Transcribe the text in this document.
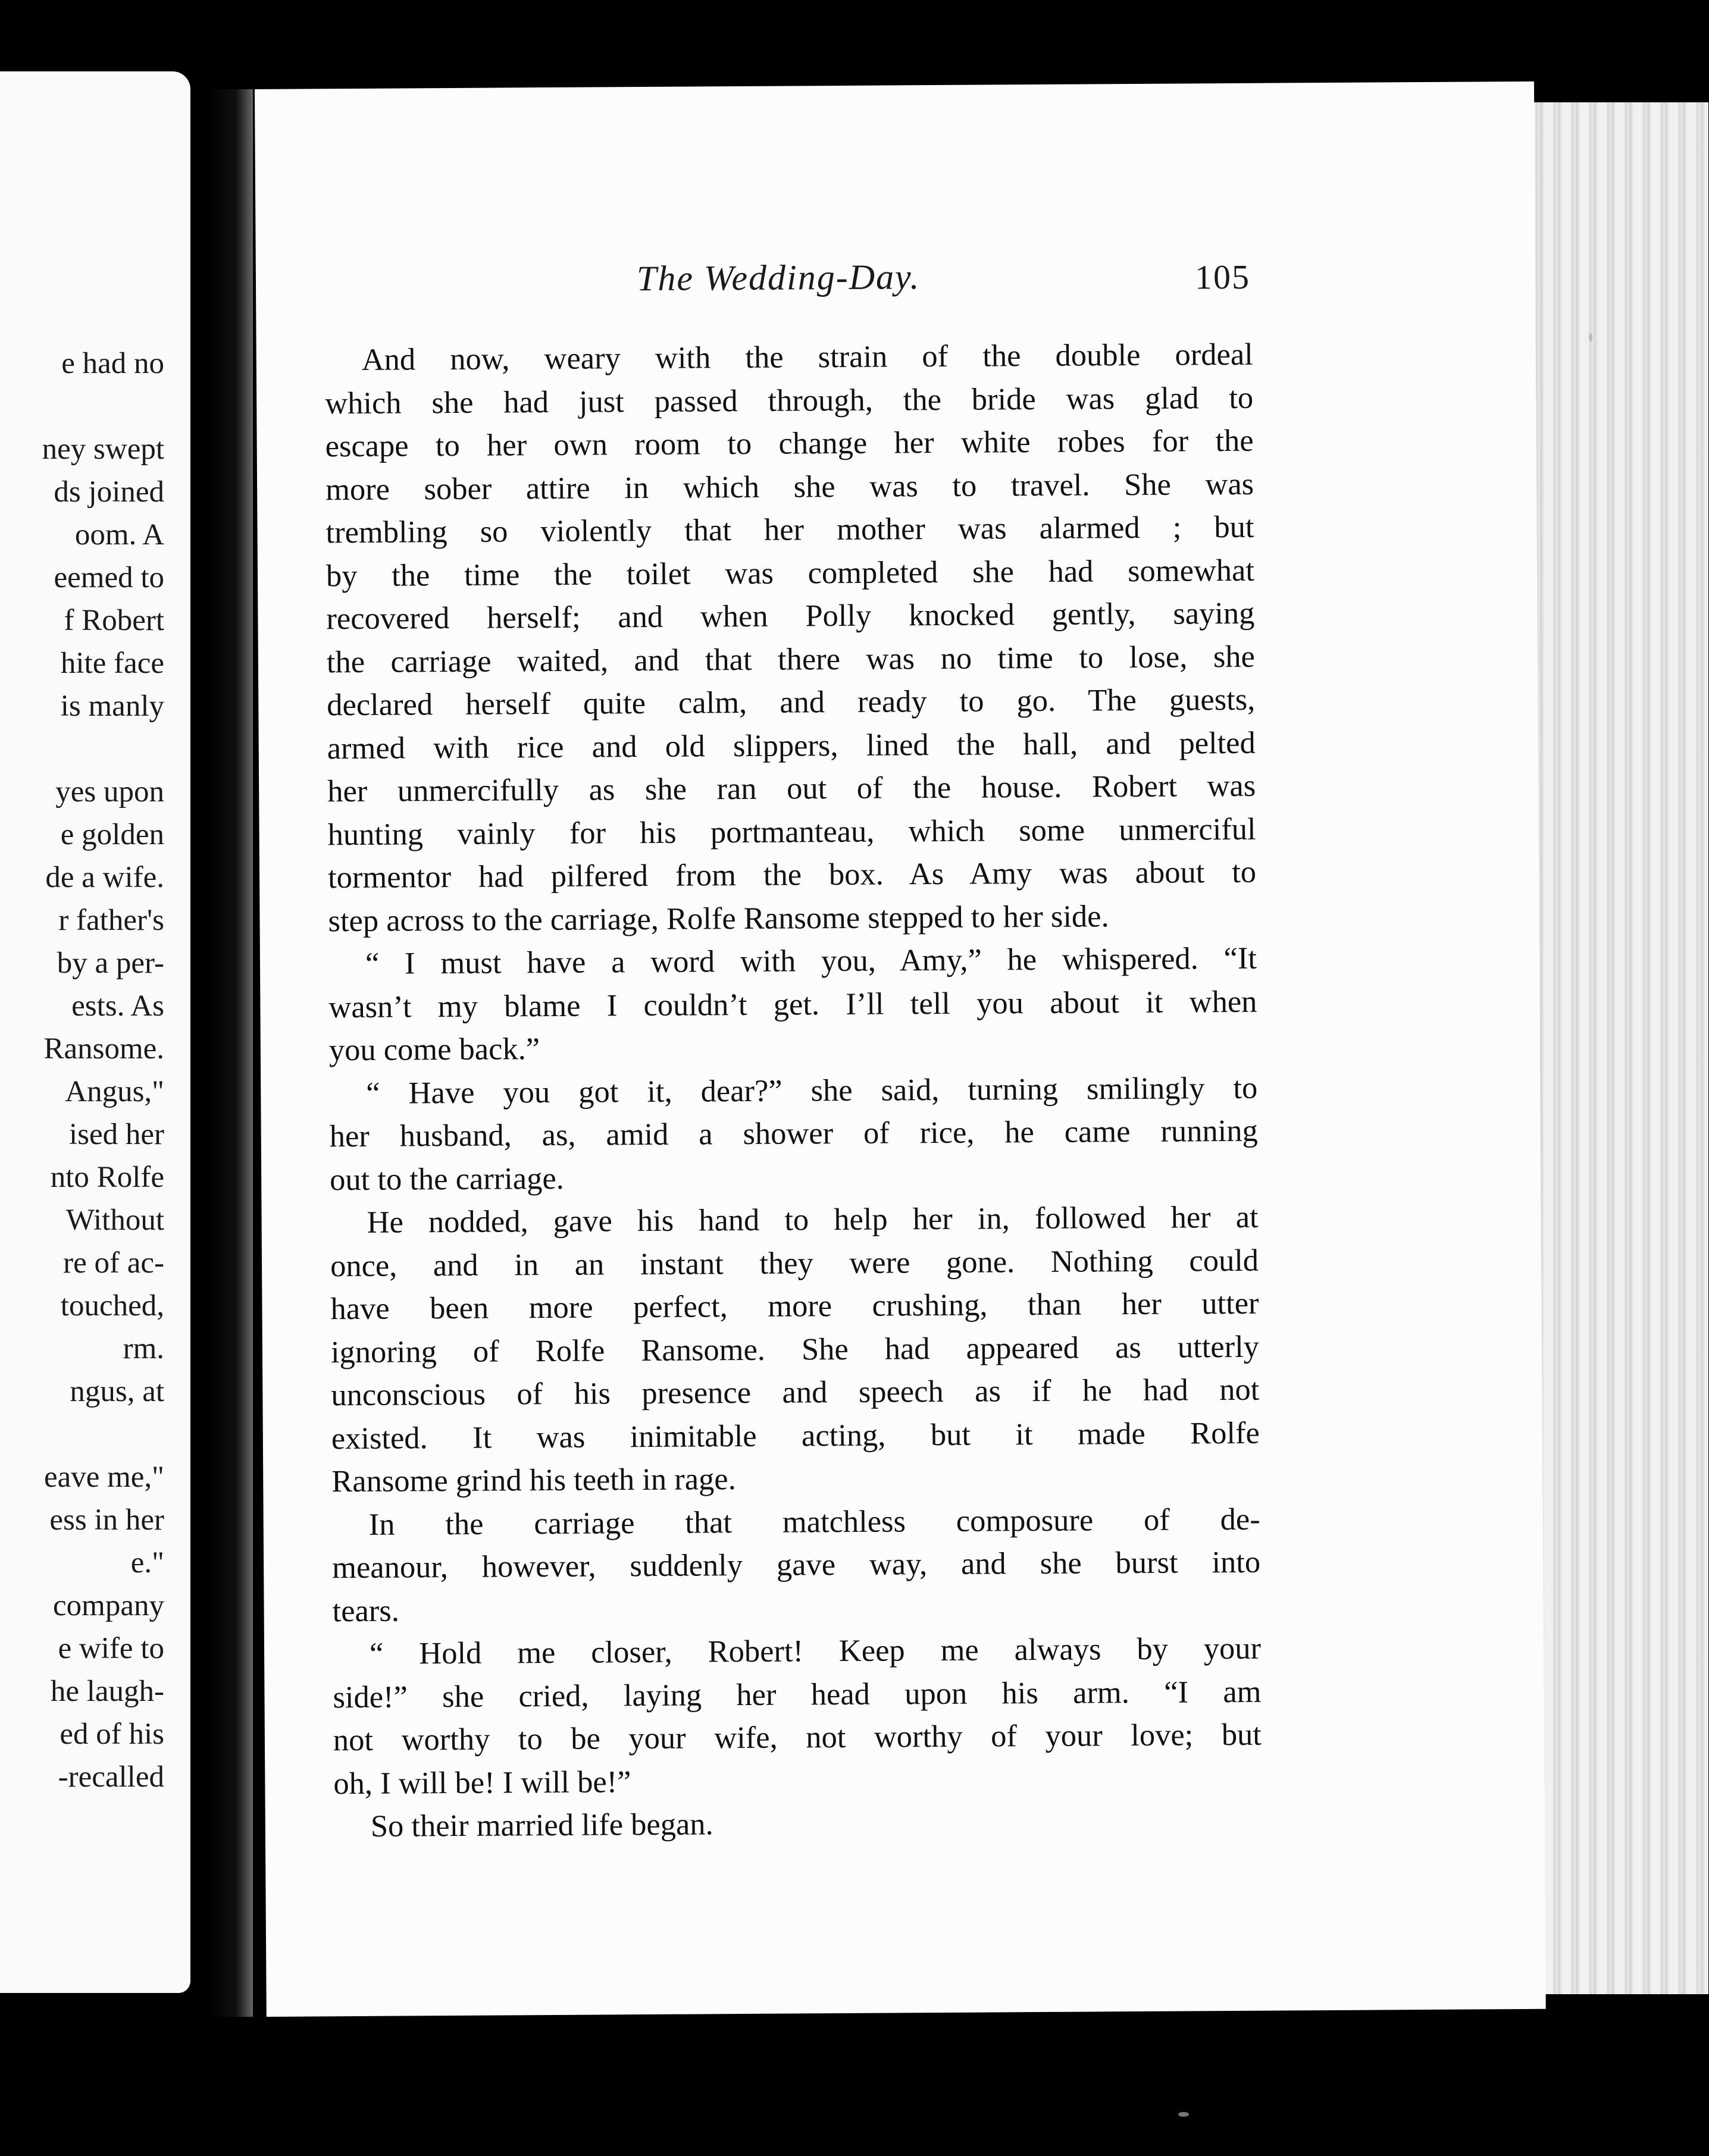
e had no

ney swept
ds joined
oom. A
eemed to
f Robert
hite face
is manly

yes upon
e golden
de a wife.
r father's
by a per-
ests. As
Ransome.
Angus,"
ised her
nto Rolfe
Without
re of ac-
touched,
rm.
ngus, at

eave me,"
ess in her
e."
company
e wife to
he laugh-
ed of his
-recalled
The Wedding-Day.	105
And now, weary with the strain of the double ordeal
which she had just passed through, the bride was glad to
escape to her own room to change her white robes for the
more sober attire in which she was to travel. She was
trembling so violently that her mother was alarmed ; but
by the time the toilet was completed she had somewhat
recovered herself; and when Polly knocked gently, saying
the carriage waited, and that there was no time to lose, she
declared herself quite calm, and ready to go. The guests,
armed with rice and old slippers, lined the hall, and pelted
her unmercifully as she ran out of the house. Robert was
hunting vainly for his portmanteau, which some unmerciful
tormentor had pilfered from the box. As Amy was about to
step across to the carriage, Rolfe Ransome stepped to her side.
“ I must have a word with you, Amy,” he whispered. “It
wasn’t my blame I couldn’t get. I’ll tell you about it when
you come back.”
“ Have you got it, dear?” she said, turning smilingly to
her husband, as, amid a shower of rice, he came running
out to the carriage.
He nodded, gave his hand to help her in, followed her at
once, and in an instant they were gone. Nothing could
have been more perfect, more crushing, than her utter
ignoring of Rolfe Ransome. She had appeared as utterly
unconscious of his presence and speech as if he had not
existed. It was inimitable acting, but it made Rolfe
Ransome grind his teeth in rage.
In the carriage that matchless composure of de-
meanour, however, suddenly gave way, and she burst into
tears.
“ Hold me closer, Robert! Keep me always by your
side!” she cried, laying her head upon his arm. “I am
not worthy to be your wife, not worthy of your love; but
oh, I will be! I will be!”
So their married life began.
